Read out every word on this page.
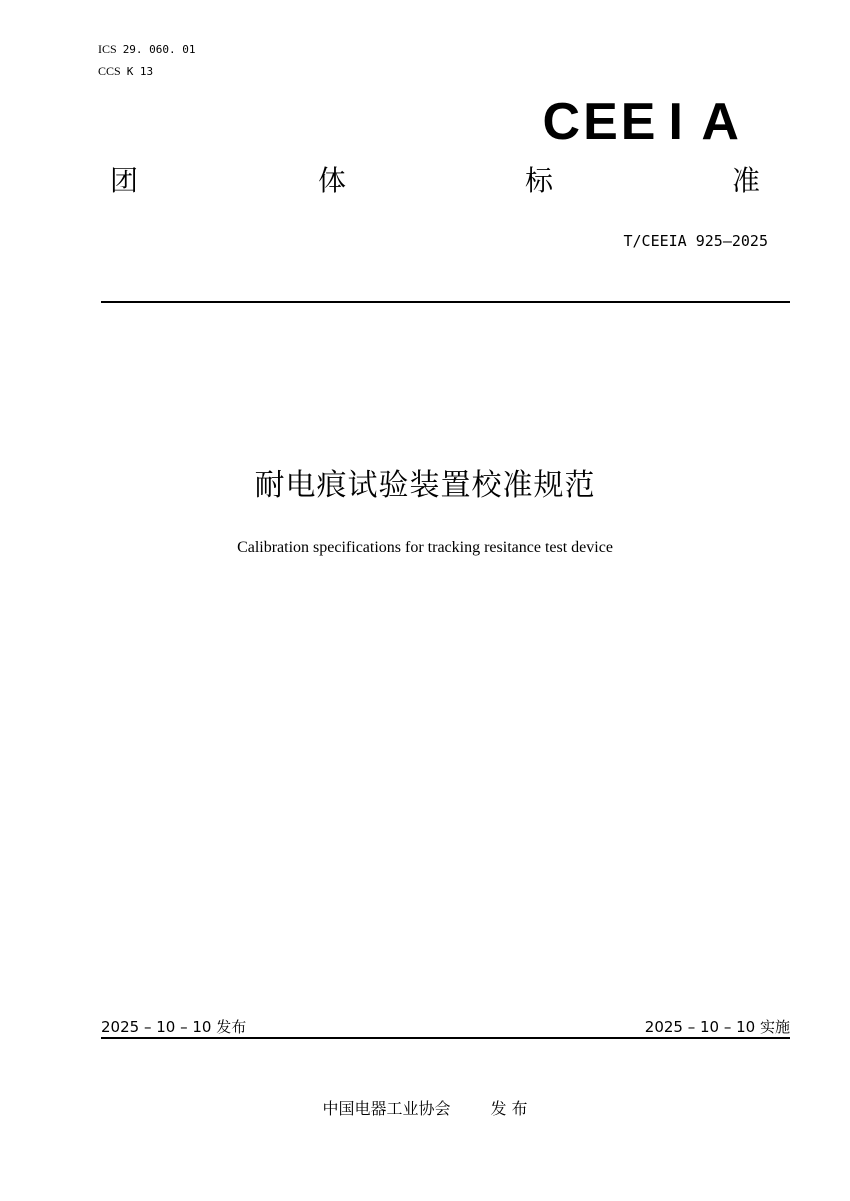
ICS 29. 060. 01
CCS K 13
CEE I A
团	体	标	准
T/CEEIA 925—2025
耐电痕试验装置校准规范
Calibration specifications for tracking resitance test device
2025 – 10 – 10 发布	2025 – 10 – 10 实施
中国电器工业协会	发 布
